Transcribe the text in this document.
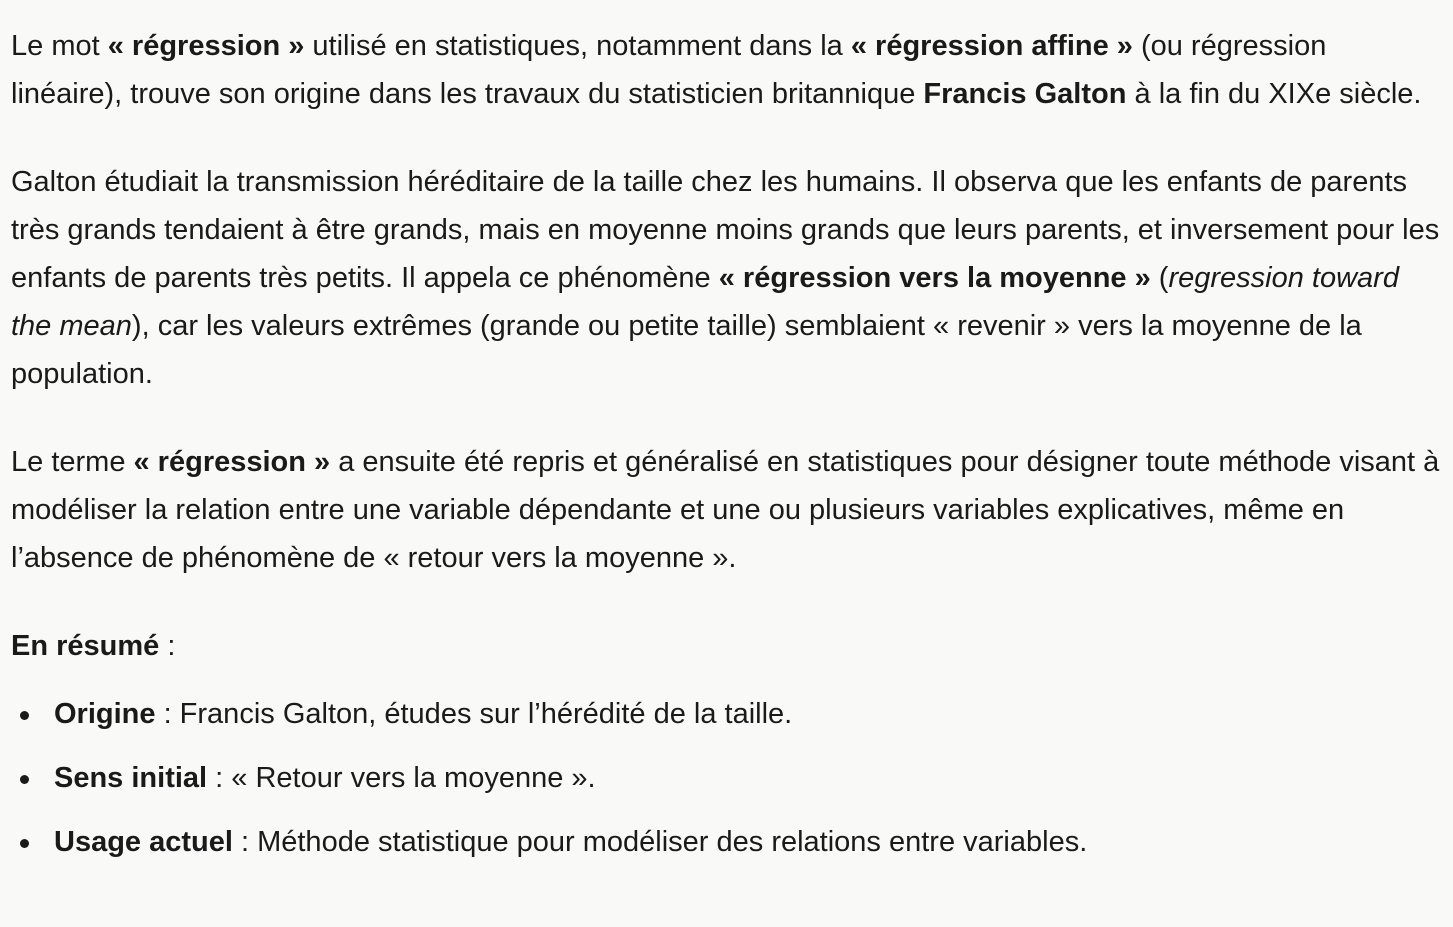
Le mot « régression » utilisé en statistiques, notamment dans la « régression affine » (ou régression linéaire), trouve son origine dans les travaux du statisticien britannique Francis Galton à la fin du XIXe siècle.

Galton étudiait la transmission héréditaire de la taille chez les humains. Il observa que les enfants de parents très grands tendaient à être grands, mais en moyenne moins grands que leurs parents, et inversement pour les enfants de parents très petits. Il appela ce phénomène « régression vers la moyenne » (regression toward the mean), car les valeurs extrêmes (grande ou petite taille) semblaient « revenir » vers la moyenne de la population.

Le terme « régression » a ensuite été repris et généralisé en statistiques pour désigner toute méthode visant à modéliser la relation entre une variable dépendante et une ou plusieurs variables explicatives, même en l’absence de phénomène de « retour vers la moyenne ».

En résumé :

Origine : Francis Galton, études sur l’hérédité de la taille.
Sens initial : « Retour vers la moyenne ».
Usage actuel : Méthode statistique pour modéliser des relations entre variables.
